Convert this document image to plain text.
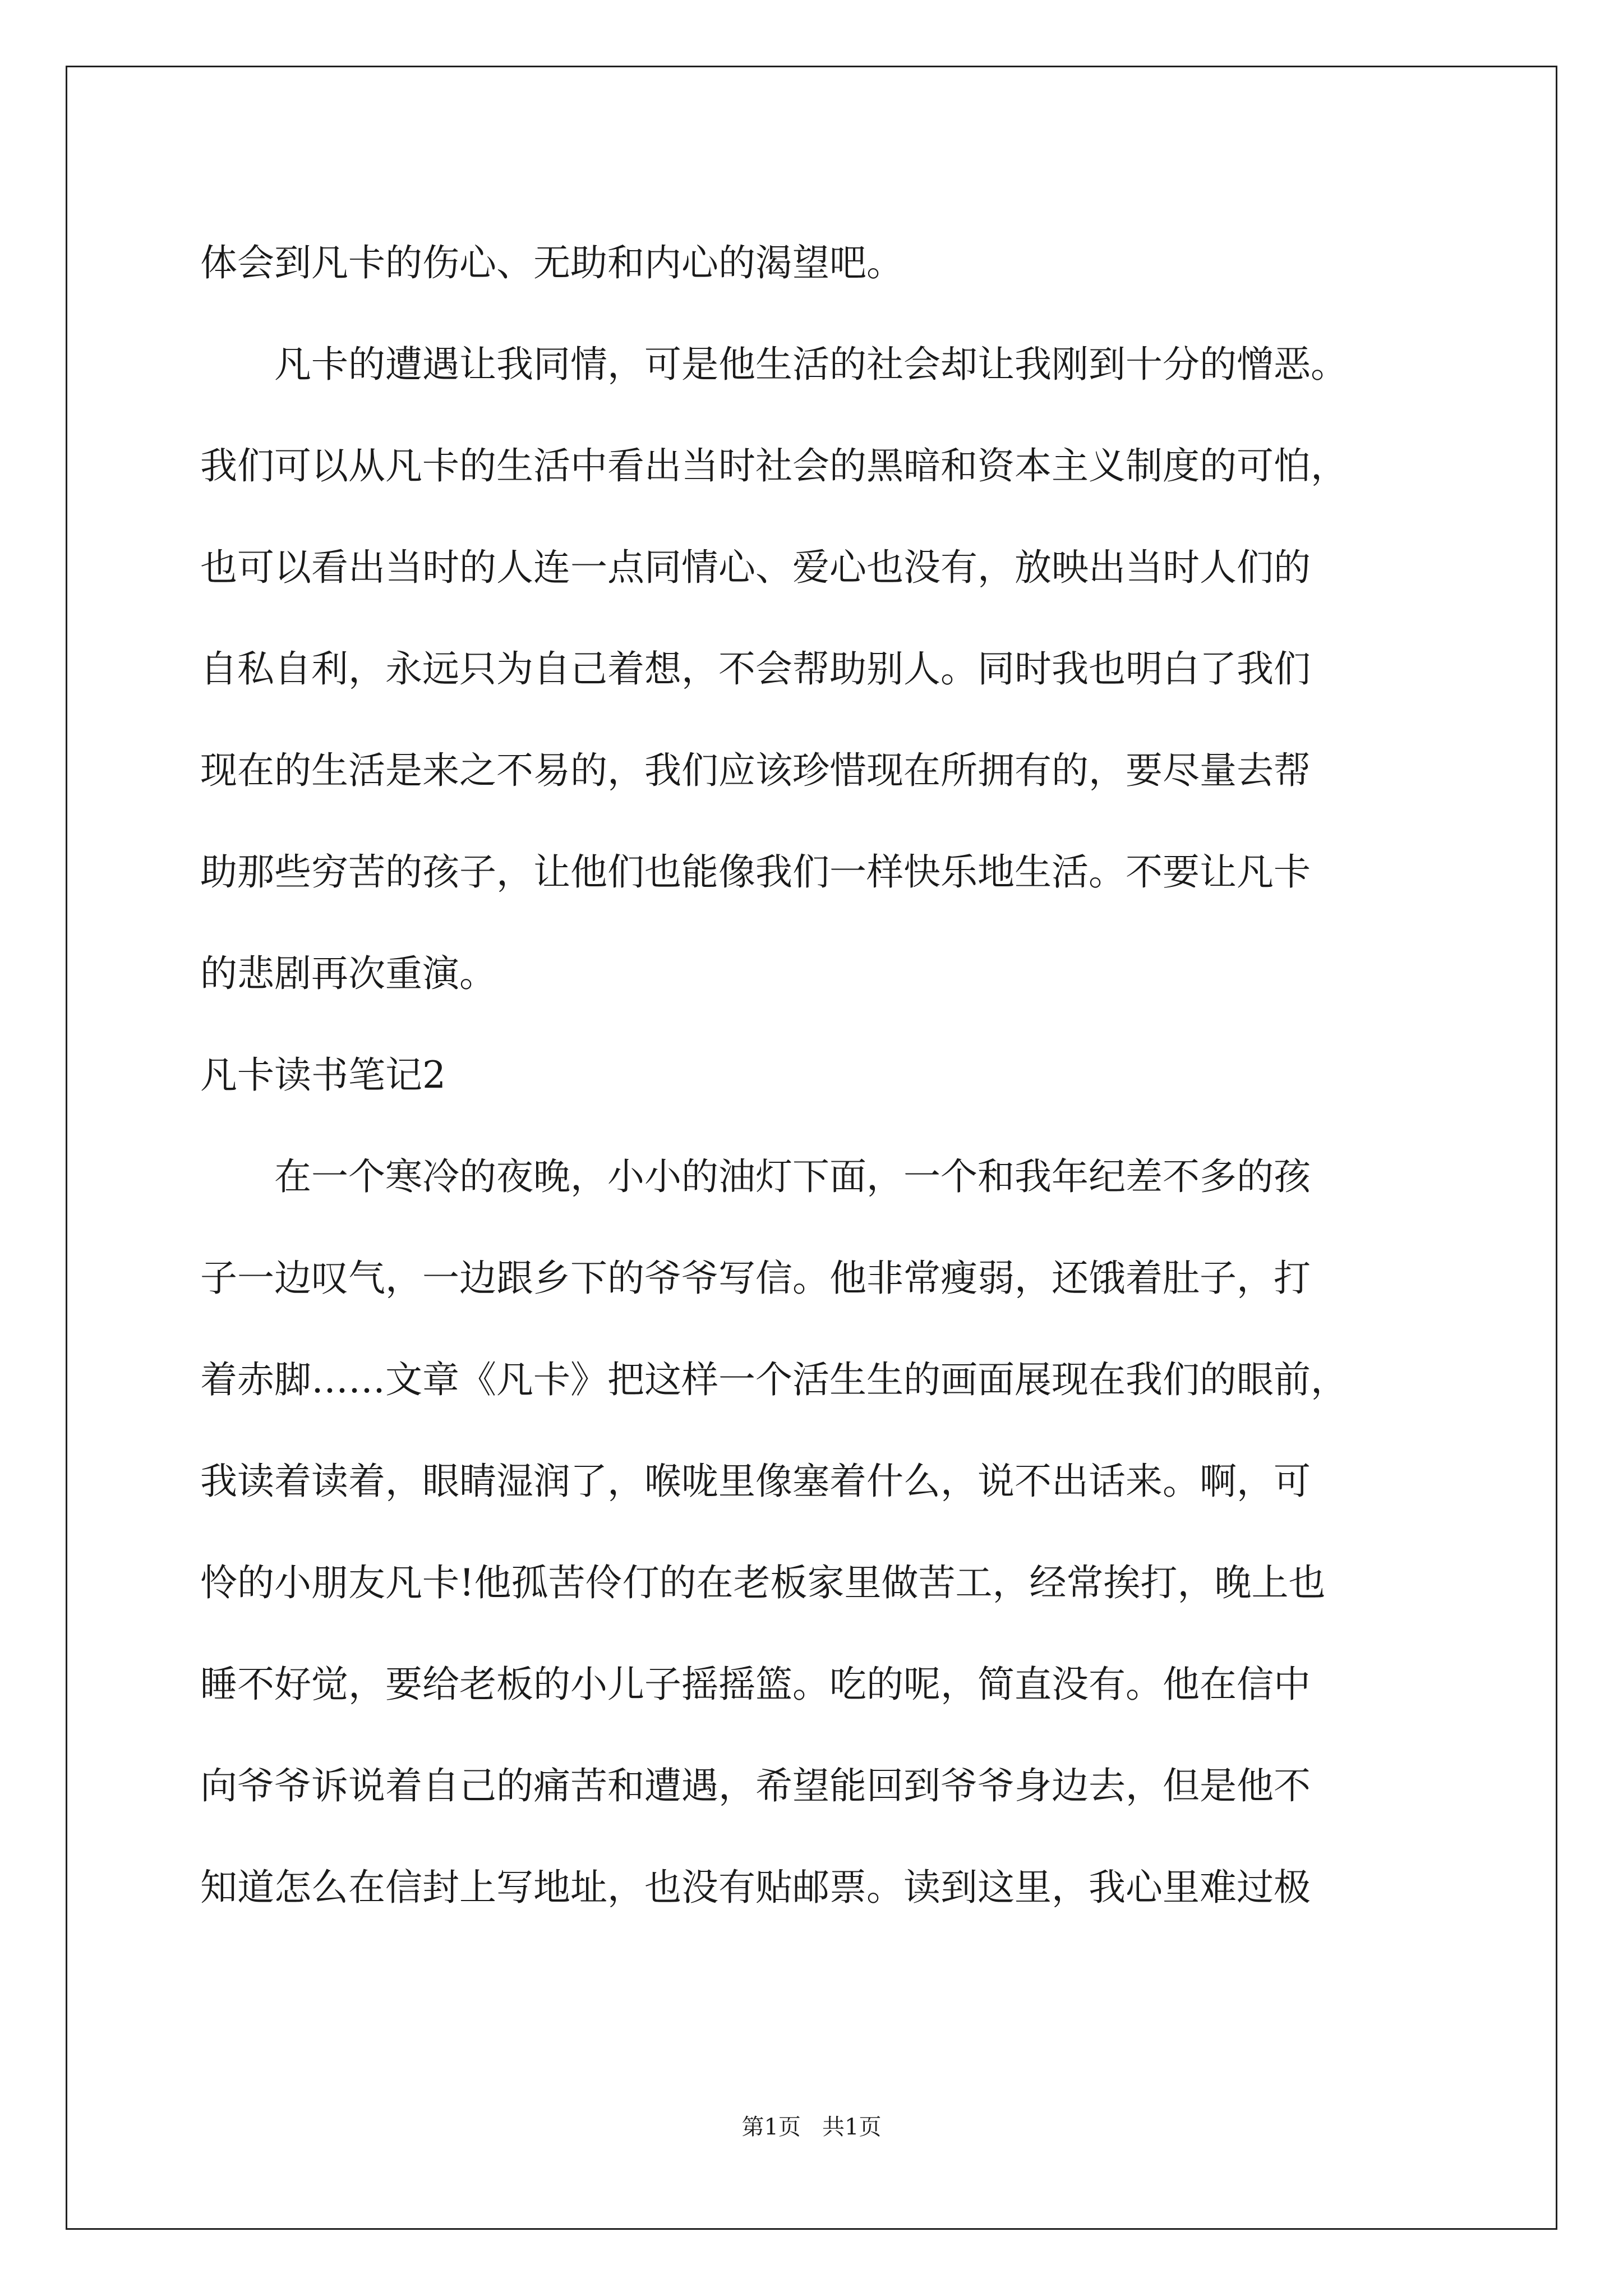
体会到凡卡的伤心、无助和内心的渴望吧。
凡卡的遭遇让我同情，可是他生活的社会却让我刚到十分的憎恶。
我们可以从凡卡的生活中看出当时社会的黑暗和资本主义制度的可怕，
也可以看出当时的人连一点同情心、爱心也没有，放映出当时人们的
自私自利，永远只为自己着想，不会帮助别人。同时我也明白了我们
现在的生活是来之不易的，我们应该珍惜现在所拥有的，要尽量去帮
助那些穷苦的孩子，让他们也能像我们一样快乐地生活。不要让凡卡
的悲剧再次重演。
凡卡读书笔记2
在一个寒冷的夜晚，小小的油灯下面，一个和我年纪差不多的孩
子一边叹气，一边跟乡下的爷爷写信。他非常瘦弱，还饿着肚子，打
着赤脚……文章《凡卡》把这样一个活生生的画面展现在我们的眼前，
我读着读着，眼睛湿润了，喉咙里像塞着什么，说不出话来。啊，可
怜的小朋友凡卡!他孤苦伶仃的在老板家里做苦工，经常挨打，晚上也
睡不好觉，要给老板的小儿子摇摇篮。吃的呢，简直没有。他在信中
向爷爷诉说着自己的痛苦和遭遇，希望能回到爷爷身边去，但是他不
知道怎么在信封上写地址，也没有贴邮票。读到这里，我心里难过极
第1页   共1页
